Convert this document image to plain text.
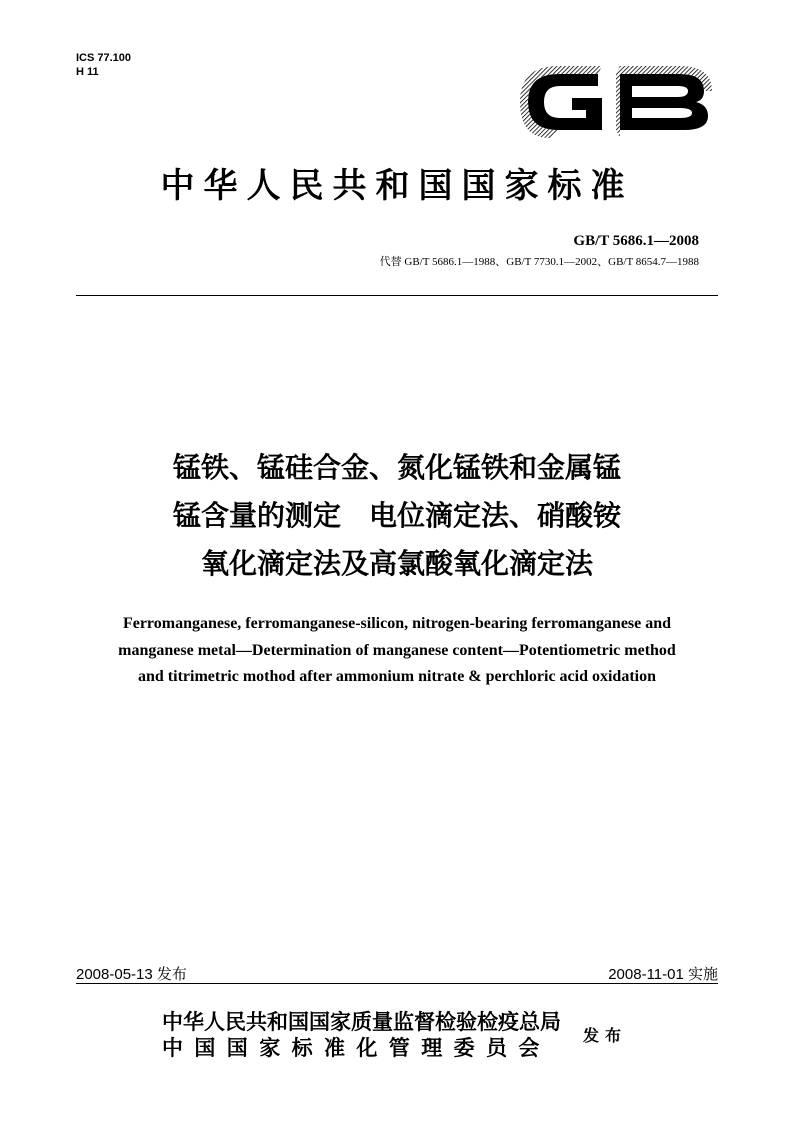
ICS 77.100
H 11
中华人民共和国国家标准
GB/T 5686.1—2008
代替 GB/T 5686.1—1988、GB/T 7730.1—2002、GB/T 8654.7—1988
锰铁、锰硅合金、氮化锰铁和金属锰
锰含量的测定　电位滴定法、硝酸铵
氧化滴定法及高氯酸氧化滴定法
Ferromanganese, ferromanganese-silicon, nitrogen-bearing ferromanganese and
manganese metal—Determination of manganese content—Potentiometric method
and titrimetric mothod after ammonium nitrate & perchloric acid oxidation
2008-05-13 发布	2008-11-01 实施
中华人民共和国国家质量监督检验检疫总局
中国国家标准化管理委员会
发布
